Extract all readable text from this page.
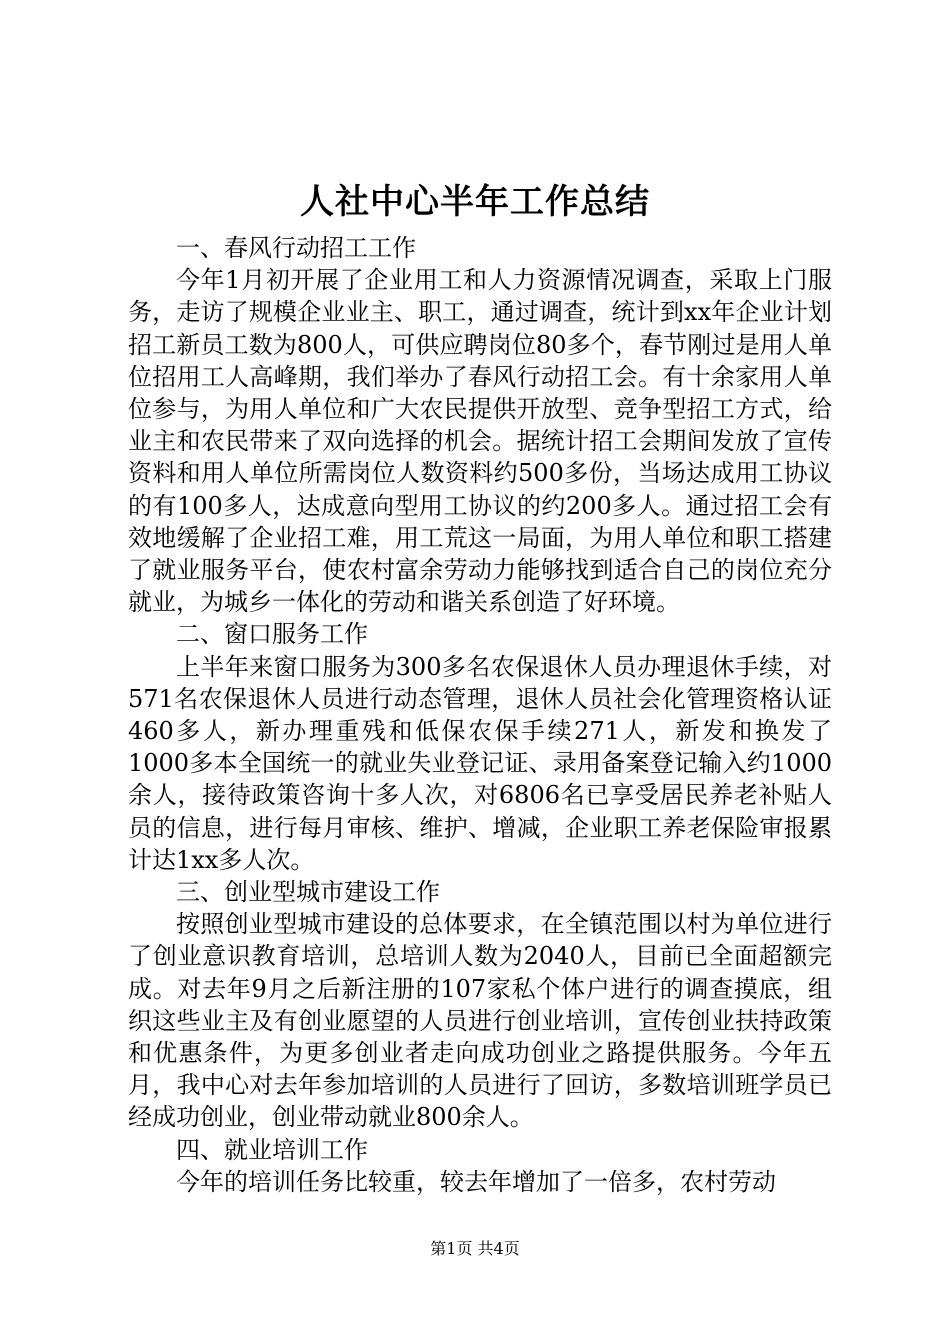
人社中心半年工作总结

一、春风行动招工工作

今年1月初开展了企业用工和人力资源情况调查，采取上门服务，走访了规模企业业主、职工，通过调查，统计到xx年企业计划招工新员工数为800人，可供应聘岗位80多个，春节刚过是用人单位招用工人高峰期，我们举办了春风行动招工会。有十余家用人单位参与，为用人单位和广大农民提供开放型、竞争型招工方式，给业主和农民带来了双向选择的机会。据统计招工会期间发放了宣传资料和用人单位所需岗位人数资料约500多份，当场达成用工协议的有100多人，达成意向型用工协议的约200多人。通过招工会有效地缓解了企业招工难，用工荒这一局面，为用人单位和职工搭建了就业服务平台，使农村富余劳动力能够找到适合自己的岗位充分就业，为城乡一体化的劳动和谐关系创造了好环境。

二、窗口服务工作

上半年来窗口服务为300多名农保退休人员办理退休手续，对571名农保退休人员进行动态管理，退休人员社会化管理资格认证460多人，新办理重残和低保农保手续271人，新发和换发了1000多本全国统一的就业失业登记证、录用备案登记输入约1000余人，接待政策咨询十多人次，对6806名已享受居民养老补贴人员的信息，进行每月审核、维护、增减，企业职工养老保险审报累计达1xx多人次。

三、创业型城市建设工作

按照创业型城市建设的总体要求，在全镇范围以村为单位进行了创业意识教育培训，总培训人数为2040人，目前已全面超额完成。对去年9月之后新注册的107家私个体户进行的调查摸底，组织这些业主及有创业愿望的人员进行创业培训，宣传创业扶持政策和优惠条件，为更多创业者走向成功创业之路提供服务。今年五月，我中心对去年参加培训的人员进行了回访，多数培训班学员已经成功创业，创业带动就业800余人。

四、就业培训工作

今年的培训任务比较重，较去年增加了一倍多，农村劳动

第1页 共4页
